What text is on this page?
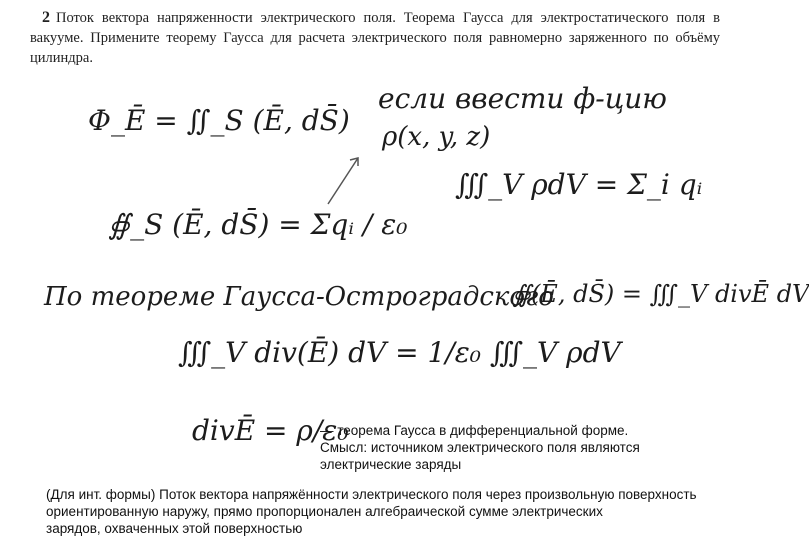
2 Поток вектора напряженности электрического поля. Теорема Гаусса для электростатического поля в вакууме. Примените теорему Гаусса для расчета электрического поля равномерно заряженного по объёму цилиндра.
Φ_Ē = ∬_S (Ē, dS̄)
если ввести ф-цию
ρ(x, y, z)
∭_V ρdV = Σ_i qᵢ
∯_S (Ē, dS̄) = Σqᵢ / ε₀
По теореме Гаусса-Остроградского
∯(Ē, dS̄) = ∭_V divĒ dV
∭_V div(Ē) dV = 1/ε₀ ∭_V ρdV
divĒ = ρ/ε₀
— теорема Гаусса в дифференциальной форме.
Смысл: источником электрического поля являются
электрические заряды
(Для инт. формы) Поток вектора напряжённости электрического поля через произвольную поверхность
ориентированную наружу, прямо пропорционален алгебраической сумме электрических
зарядов, охваченных этой поверхностью
